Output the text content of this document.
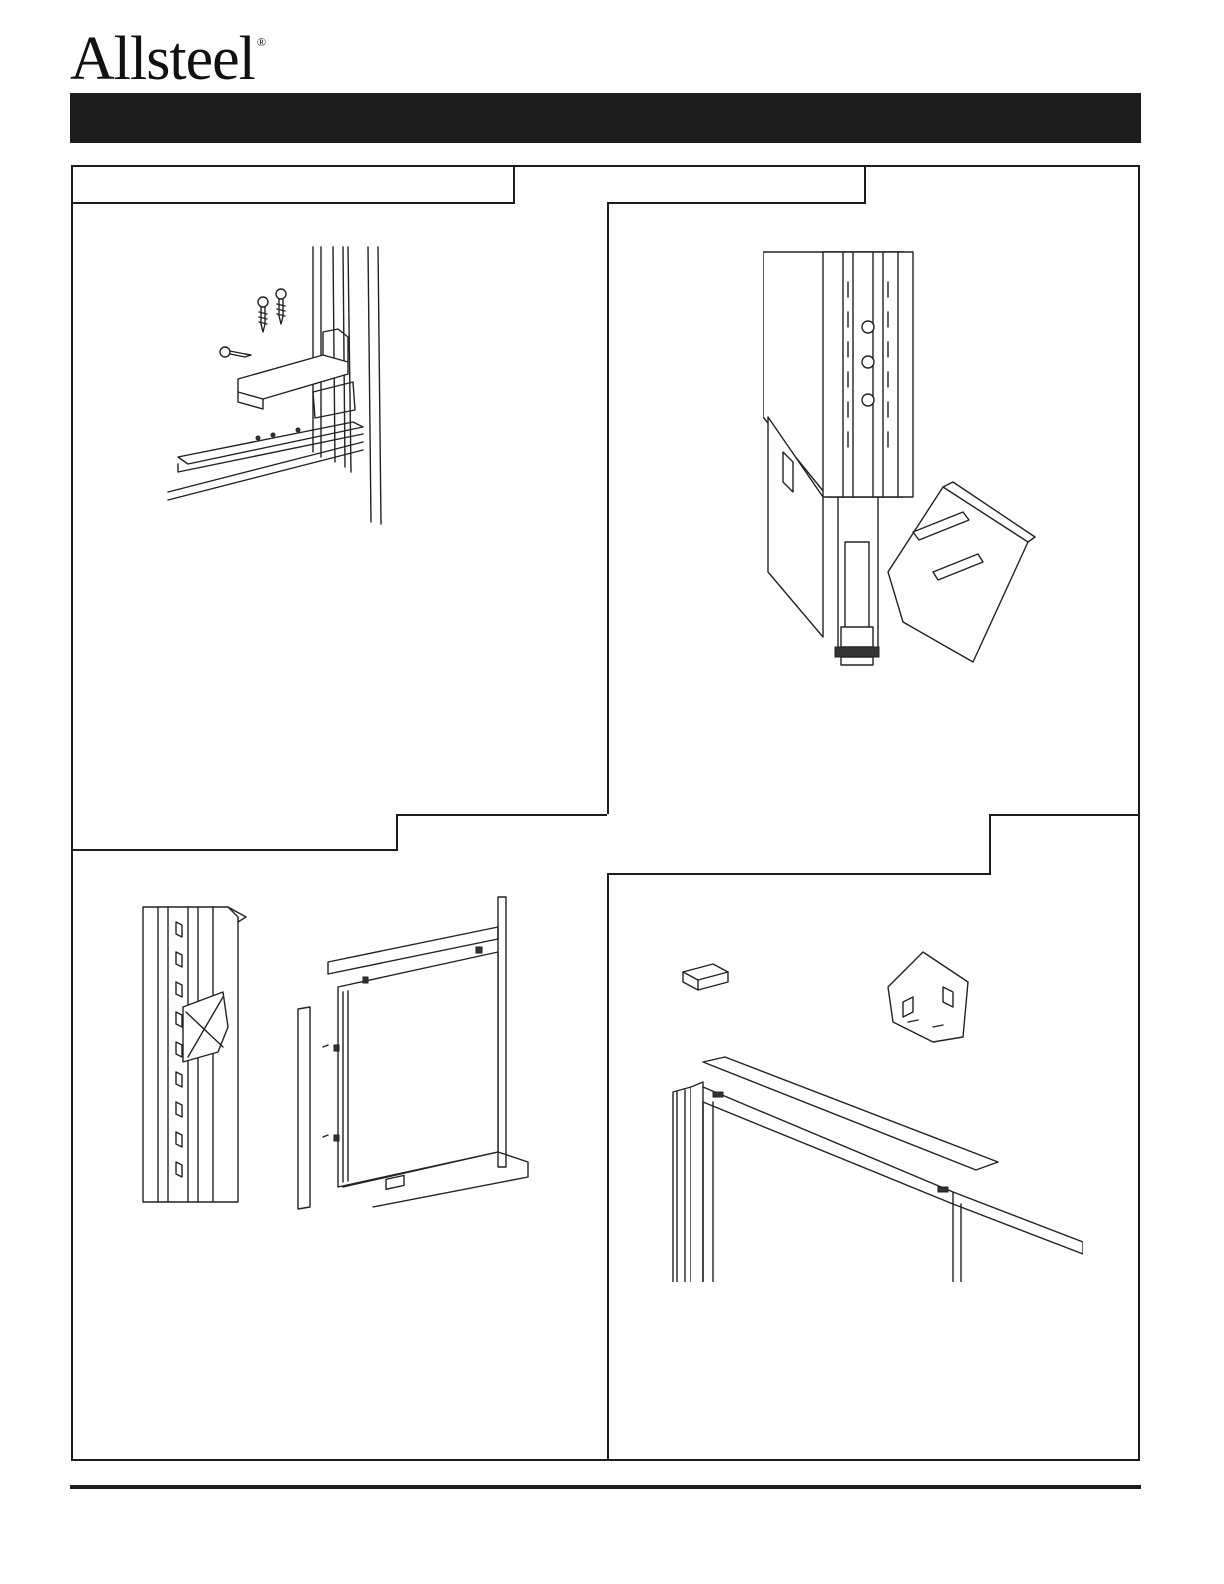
Allsteel ®
